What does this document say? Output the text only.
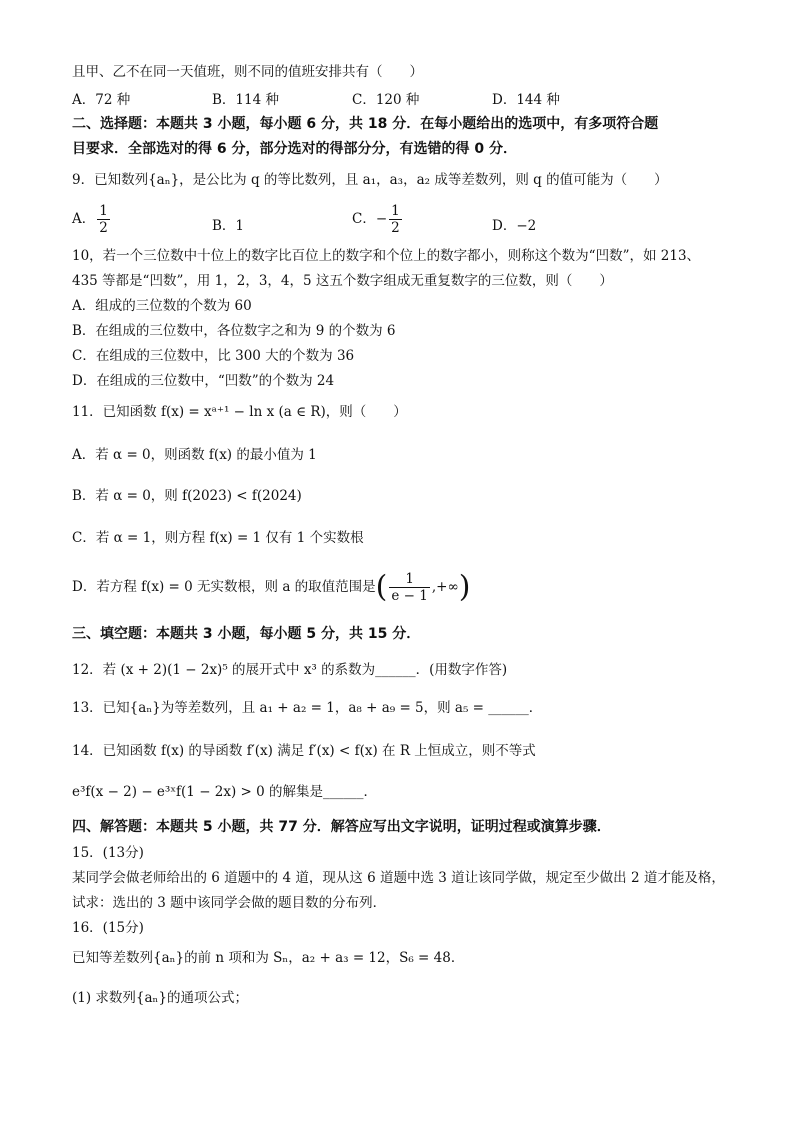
且甲、乙不在同一天值班，则不同的值班安排共有（　　）
A．72 种	B．114 种	C．120 种	D．144 种
二、选择题：本题共 3 小题，每小题 6 分，共 18 分．在每小题给出的选项中，有多项符合题
目要求．全部选对的得 6 分，部分选对的得部分分，有选错的得 0 分．
9．已知数列{aₙ}，是公比为 q 的等比数列，且 a₁，a₃，a₂ 成等差数列，则 q 的值可能为（　　）
A． $\frac{1}{2}$	B．1	C．− $\frac{1}{2}$	D．−2
10，若一个三位数中十位上的数字比百位上的数字和个位上的数字都小，则称这个数为“凹数”，如 213、
435 等都是“凹数”，用 1，2，3，4，5 这五个数字组成无重复数字的三位数，则（　　）
A．组成的三位数的个数为 60
B．在组成的三位数中，各位数字之和为 9 的个数为 6
C．在组成的三位数中，比 300 大的个数为 36
D．在组成的三位数中，“凹数”的个数为 24
11．已知函数 f(x) = xᵃ⁺¹ − ln x (a ∈ R)，则（　　）
A．若 α = 0，则函数 f(x) 的最小值为 1
B．若 α = 0，则 f(2023) < f(2024)
C．若 α = 1，则方程 f(x) = 1 仅有 1 个实数根
D．若方程 f(x) = 0 无实数根，则 a 的取值范围是( $\frac{1}{e - 1}$ ,+∞)
三、填空题：本题共 3 小题，每小题 5 分，共 15 分．
12．若 (x + 2)(1 − 2x)⁵ 的展开式中 x³ 的系数为______．(用数字作答)
13．已知{aₙ}为等差数列，且 a₁ + a₂ = 1，a₈ + a₉ = 5，则 a₅ = ______．
14．已知函数 f(x) 的导函数 f′(x) 满足 f′(x) < f(x) 在 R 上恒成立，则不等式
e³f(x − 2) − e³ˣf(1 − 2x) > 0 的解集是______．
四、解答题：本题共 5 小题，共 77 分．解答应写出文字说明，证明过程或演算步骤．
15．(13分)
某同学会做老师给出的 6 道题中的 4 道，现从这 6 道题中选 3 道让该同学做，规定至少做出 2 道才能及格，
试求：选出的 3 题中该同学会做的题目数的分布列．
16．(15分)
已知等差数列{aₙ}的前 n 项和为 Sₙ，a₂ + a₃ = 12，S₆ = 48．
(1) 求数列{aₙ}的通项公式；
